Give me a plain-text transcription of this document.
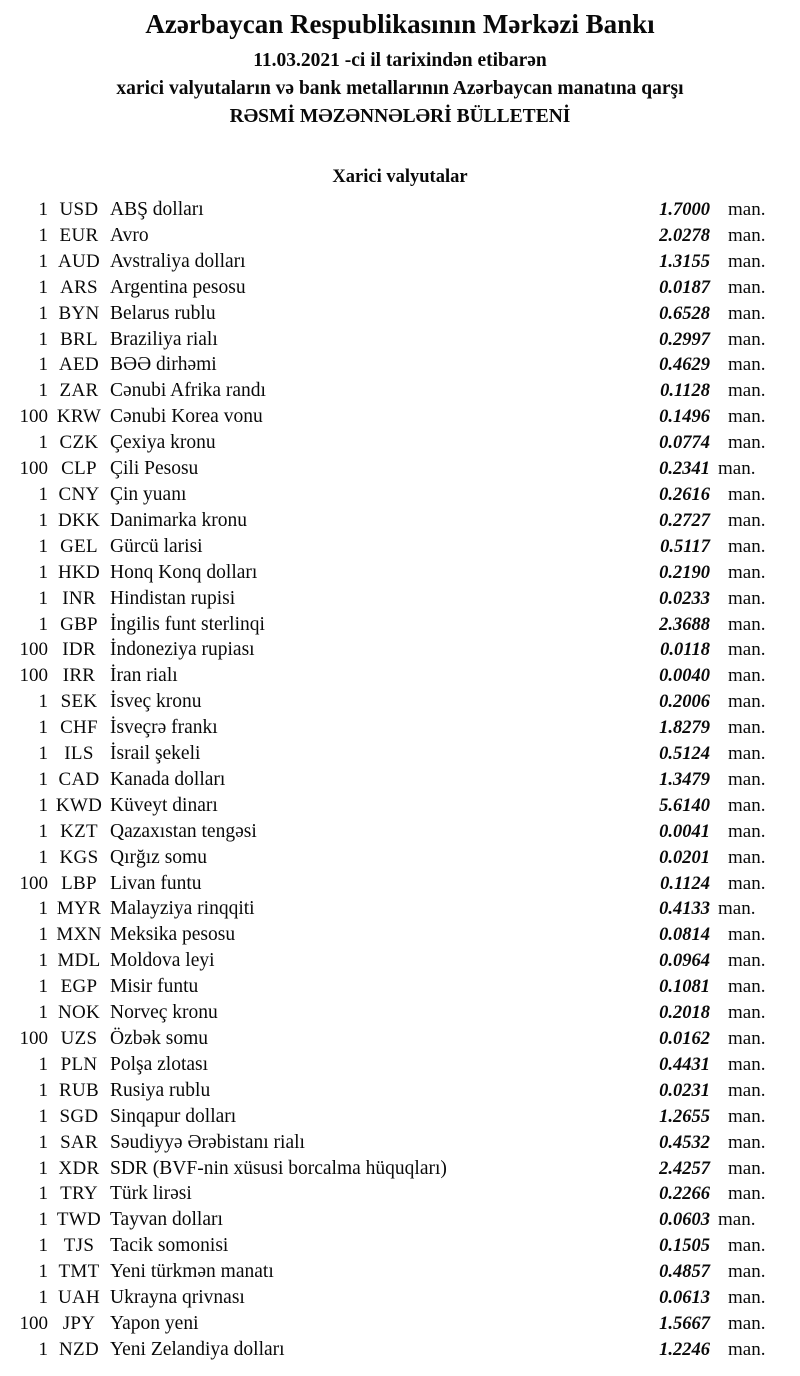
Azərbaycan Respublikasının Mərkəzi Bankı
11.03.2021 -ci il tarixindən etibarən
xarici valyutaların və bank metallarının Azərbaycan manatına qarşı
RƏSMİ MƏZƏNNƏLƏRİ BÜLLETENİ
Xarici valyutalar
1 USD ABŞ dolları	1.7000 man.
1 EUR Avro	2.0278 man.
1 AUD Avstraliya dolları	1.3155 man.
1 ARS Argentina pesosu	0.0187 man.
1 BYN Belarus rublu	0.6528 man.
1 BRL Braziliya rialı	0.2997 man.
1 AED BƏƏ dirhəmi	0.4629 man.
1 ZAR Cənubi Afrika randı	0.1128 man.
100 KRW Cənubi Korea vonu	0.1496 man.
1 CZK Çexiya kronu	0.0774 man.
100 CLP Çili Pesosu	0.2341 man.
1 CNY Çin yuanı	0.2616 man.
1 DKK Danimarka kronu	0.2727 man.
1 GEL Gürcü larisi	0.5117 man.
1 HKD Honq Konq dolları	0.2190 man.
1 INR Hindistan rupisi	0.0233 man.
1 GBP İngilis funt sterlinqi	2.3688 man.
100 IDR İndoneziya rupiası	0.0118 man.
100 IRR İran rialı	0.0040 man.
1 SEK İsveç kronu	0.2006 man.
1 CHF İsveçrə frankı	1.8279 man.
1 ILS İsrail şekeli	0.5124 man.
1 CAD Kanada dolları	1.3479 man.
1 KWD Küveyt dinarı	5.6140 man.
1 KZT Qazaxıstan tengəsi	0.0041 man.
1 KGS Qırğız somu	0.0201 man.
100 LBP Livan funtu	0.1124 man.
1 MYR Malayziya rinqqiti	0.4133 man.
1 MXN Meksika pesosu	0.0814 man.
1 MDL Moldova leyi	0.0964 man.
1 EGP Misir funtu	0.1081 man.
1 NOK Norveç kronu	0.2018 man.
100 UZS Özbək somu	0.0162 man.
1 PLN Polşa zlotası	0.4431 man.
1 RUB Rusiya rublu	0.0231 man.
1 SGD Sinqapur dolları	1.2655 man.
1 SAR Səudiyyə Ərəbistanı rialı	0.4532 man.
1 XDR SDR (BVF-nin xüsusi borcalma hüquqları)	2.4257 man.
1 TRY Türk lirəsi	0.2266 man.
1 TWD Tayvan dolları	0.0603 man.
1 TJS Tacik somonisi	0.1505 man.
1 TMT Yeni türkmən manatı	0.4857 man.
1 UAH Ukrayna qrivnası	0.0613 man.
100 JPY Yapon yeni	1.5667 man.
1 NZD Yeni Zelandiya dolları	1.2246 man.
